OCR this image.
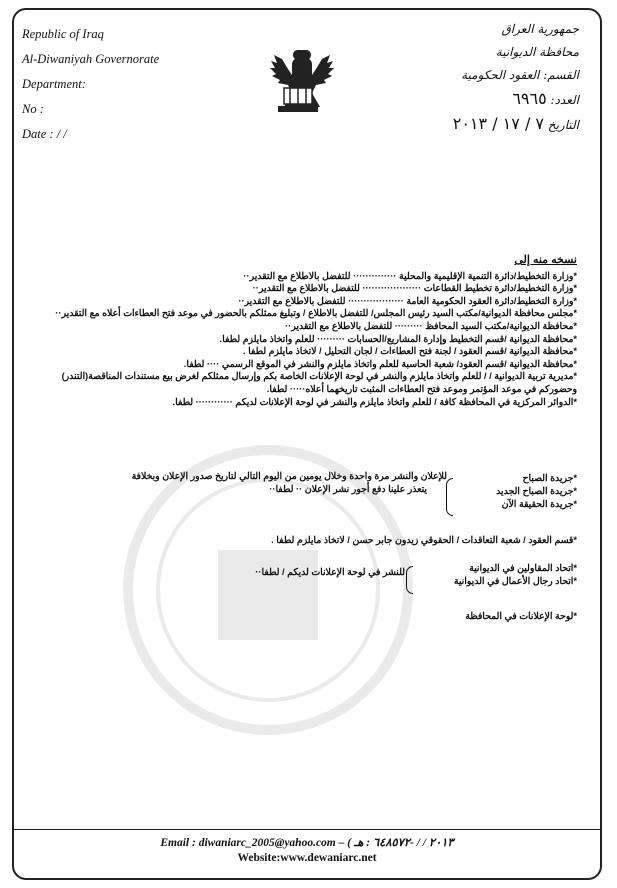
Republic of Iraq
Al-Diwaniyah Governorate
Department:
No :
Date : / /
جمهورية العراق
محافظة الديوانية
القسم: العقود الحكومية
العدد: ٦٩٦٥
التاريخ ٧ / ١٧ / ٢٠١٣
نسخه منه إلى
*وزارة التخطيط/دائرة التنمية الإقليمية والمحلية ·············· للتفضل بالاطلاع مع التقدير··
*وزارة التخطيط/دائرة تخطيط القطاعات ··················· للتفضل بالاطلاع مع التقدير··
*وزارة التخطيط/دائرة العقود الحكومية العامة ·················· للتفضل بالاطلاع مع التقدير··
*مجلس محافظة الديوانية/مكتب السيد رئيس المجلس/ للتفضل بالاطلاع / وتبليغ ممثلكم بالحضور في موعد فتح العطاءات أعلاه مع التقدير··
*محافظة الديوانية/مكتب السيد المحافظ ········· للتفضل بالاطلاع مع التقدير··
*محافظة الديوانية /قسم التخطيط وإدارة المشاريع/الحسابات ········· للعلم واتخاذ مايلزم لطفا.
*محافظة الديوانية /قسم العقود / لجنة فتح العطاءات / لجان التحليل / لاتخاذ مايلزم لطفا .
*محافظة الديوانية /قسم العقود/ شعبة الحاسبة للعلم واتخاذ مايلزم والنشر في الموقع الرسمي ···· لطفا.
*مديرية تربية الديوانية / / للعلم واتخاذ مايلزم والنشر في لوحة الإعلانات الخاصة بكم وإرسال ممثلكم لغرض بيع مستندات المناقصة(التندر) وحضوركم في موعد المؤتمر وموعد فتح العطاءات المثبت تاريخهما أعلاه····· لطفا.
*الدوائر المركزية في المحافظة كافة / للعلم واتخاذ مايلزم والنشر في لوحة الإعلانات لديكم ············ لطفا.
*جريدة الصباح
*جريدة الصباح الجديد
*جريدة الحقيقة الآن
للإعلان والنشر مرة واحدة وخلال يومين من اليوم التالي لتاريخ صدور الإعلان وبخلافة
يتعذر علينا دفع أجور نشر الإعلان ·· لطفا··
*قسم العقود / شعبة التعاقدات / الحقوقي زيدون جابر حسن / لاتخاذ مايلزم لطفا .
*اتحاد المقاولين في الديوانية
*اتحاد رجال الأعمال في الديوانية
للنشر في لوحة الإعلانات لديكم / لطفا··
*لوحة الإعلانات في المحافظة
Email : diwaniarc_2005@yahoo.com – ( ٢٠١٣ / / -٦٤٨٥٧٢ : هـ
Website:www.dewaniarc.net
